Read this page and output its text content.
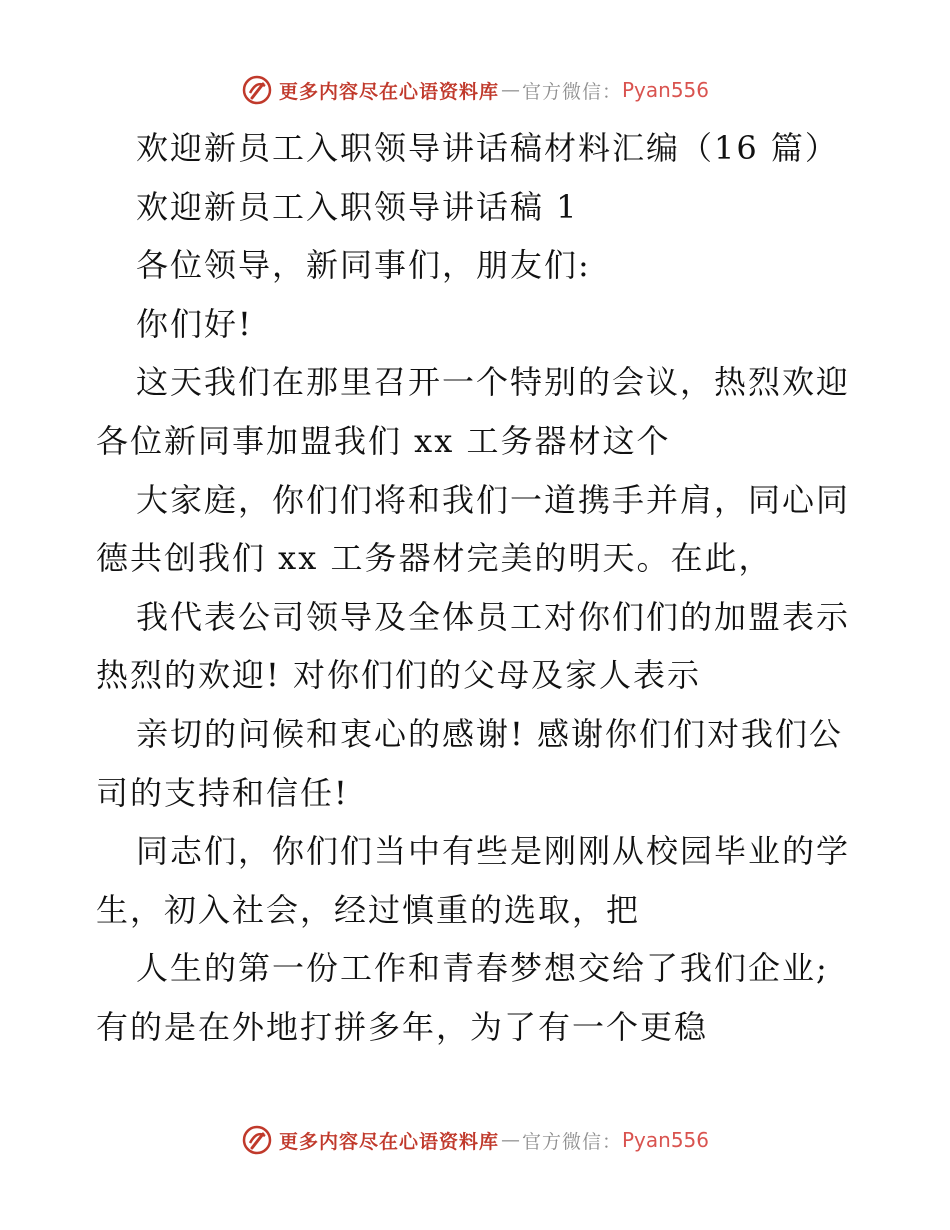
更多内容尽在心语资料库 — 官方微信： Pyan556
欢迎新员工入职领导讲话稿材料汇编（16 篇）
欢迎新员工入职领导讲话稿 1
各位领导，新同事们，朋友们:
你们好!
这天我们在那里召开一个特别的会议，热烈欢迎
各位新同事加盟我们 xx 工务器材这个
大家庭，你们们将和我们一道携手并肩，同心同
德共创我们 xx 工务器材完美的明天。在此，
我代表公司领导及全体员工对你们们的加盟表示
热烈的欢迎! 对你们们的父母及家人表示
亲切的问候和衷心的感谢! 感谢你们们对我们公
司的支持和信任!
同志们，你们们当中有些是刚刚从校园毕业的学
生，初入社会，经过慎重的选取，把
人生的第一份工作和青春梦想交给了我们企业;
有的是在外地打拼多年，为了有一个更稳
更多内容尽在心语资料库 — 官方微信： Pyan556
